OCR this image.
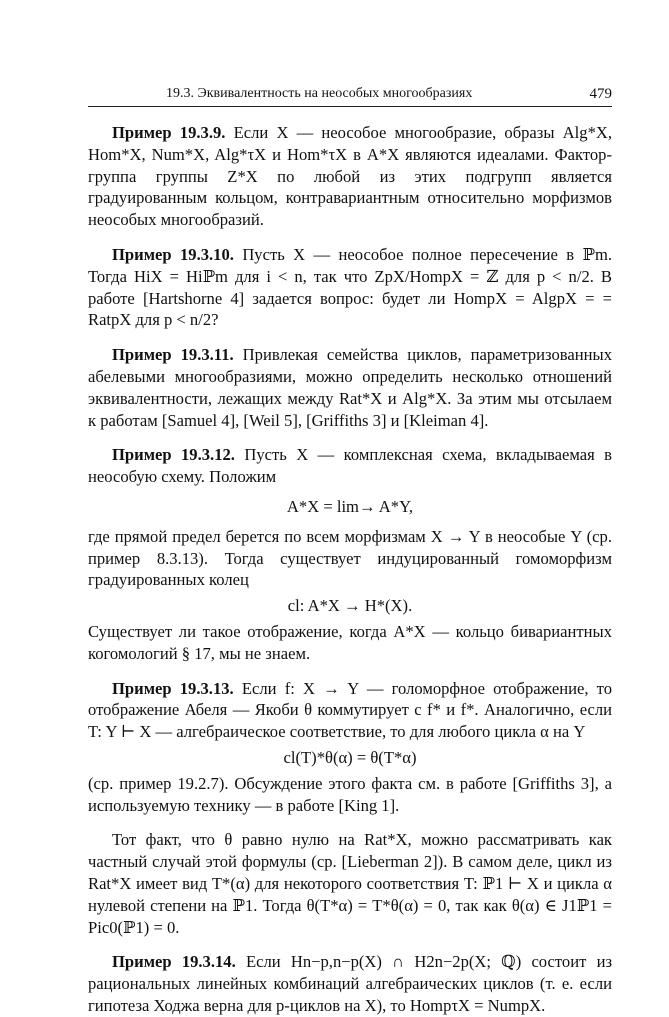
19.3. Эквивалентность на неособых многообразиях	479

Пример 19.3.9. Если X — неособое многообразие, образы Alg*X, Hom*X, Num*X, Alg*τX и Hom*τX в A*X являются идеалами. Фактор-группа группы Z*X по любой из этих подгрупп является градуированным кольцом, контравариантным относительно морфизмов неособых многообразий.

Пример 19.3.10. Пусть X — неособое полное пересечение в ℙm. Тогда HiX = Hiℙm для i < n, так что ZpX/HompX = ℤ для p < n/2. В работе [Hartshorne 4] задается вопрос: будет ли HompX = AlgpX = = RatpX для p < n/2?

Пример 19.3.11. Привлекая семейства циклов, параметризованных абелевыми многообразиями, можно определить несколько отношений эквивалентности, лежащих между Rat*X и Alg*X. За этим мы отсылаем к работам [Samuel 4], [Weil 5], [Griffiths 3] и [Kleiman 4].

Пример 19.3.12. Пусть X — комплексная схема, вкладываемая в неособую схему. Положим

A*X = lim→ A*Y,

где прямой предел берется по всем морфизмам X → Y в неособые Y (ср. пример 8.3.13). Тогда существует индуцированный гомоморфизм градуированных колец

cl: A*X → H*(X).

Существует ли такое отображение, когда A*X — кольцо бивариантных когомологий § 17, мы не знаем.

Пример 19.3.13. Если f: X → Y — голоморфное отображение, то отображение Абеля — Якоби θ коммутирует с f* и f*. Аналогично, если T: Y ⊢ X — алгебраическое соответствие, то для любого цикла α на Y

cl(T)*θ(α) = θ(T*α)

(ср. пример 19.2.7). Обсуждение этого факта см. в работе [Griffiths 3], а используемую технику — в работе [King 1].

Тот факт, что θ равно нулю на Rat*X, можно рассматривать как частный случай этой формулы (ср. [Lieberman 2]). В самом деле, цикл из Rat*X имеет вид T*(α) для некоторого соответствия T: ℙ1 ⊢ X и цикла α нулевой степени на ℙ1. Тогда θ(T*α) = T*θ(α) = 0, так как θ(α) ∈ J1ℙ1 = Pic0(ℙ1) = 0.

Пример 19.3.14. Если Hn−p,n−p(X) ∩ H2n−2p(X; ℚ) состоит из рациональных линейных комбинаций алгебраических циклов (т. е. если гипотеза Ходжа верна для p-циклов на X), то HompτX = NumpX.
